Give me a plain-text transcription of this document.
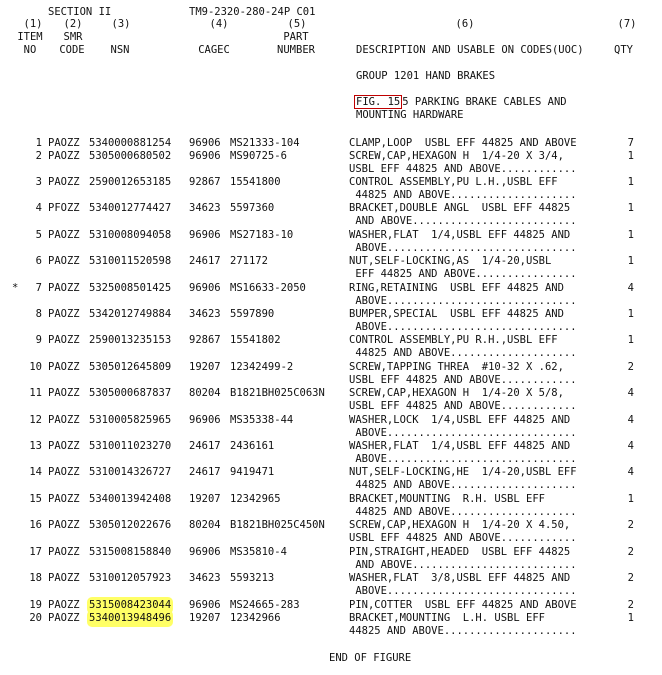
SECTION II	TM9-2320-280-24P C01
(1)	(2)	(3)	(4)	(5)	(6)	(7)
ITEM	SMR	PART
NO	CODE	NSN	CAGEC	NUMBER	DESCRIPTION AND USABLE ON CODES(UOC)	QTY
GROUP 1201 HAND BRAKES
FIG. 15 5 PARKING BRAKE CABLES AND
MOUNTING HARDWARE
1 PAOZZ 5340000881254 96906 MS21333-104	7
CLAMP,LOOP  USBL EFF 44825 AND ABOVE
2 PAOZZ 5305000680502 96906 MS90725-6	1
SCREW,CAP,HEXAGON H  1/4-20 X 3/4,
USBL EFF 44825 AND ABOVE............
3 PAOZZ 2590012653185 92867 15541800	1
CONTROL ASSEMBLY,PU L.H.,USBL EFF
44825 AND ABOVE....................
4 PFOZZ 5340012774427 34623 5597360	1
BRACKET,DOUBLE ANGL  USBL EFF 44825
AND ABOVE..........................
5 PAOZZ 5310008094058 96906 MS27183-10	1
WASHER,FLAT  1/4,USBL EFF 44825 AND
ABOVE..............................
6 PAOZZ 5310011520598 24617 271172	1
NUT,SELF-LOCKING,AS  1/4-20,USBL
EFF 44825 AND ABOVE................
*	7 PAOZZ 5325008501425 96906 MS16633-2050	4
RING,RETAINING  USBL EFF 44825 AND
ABOVE..............................
8 PAOZZ 5342012749884 34623 5597890	1
BUMPER,SPECIAL  USBL EFF 44825 AND
ABOVE..............................
9 PAOZZ 2590013235153 92867 15541802	1
CONTROL ASSEMBLY,PU R.H.,USBL EFF
44825 AND ABOVE....................
10 PAOZZ 5305012645809 19207 12342499-2	2
SCREW,TAPPING THREA  #10-32 X .62,
USBL EFF 44825 AND ABOVE............
11 PAOZZ 5305000687837 80204 B1821BH025C063N	4
SCREW,CAP,HEXAGON H  1/4-20 X 5/8,
USBL EFF 44825 AND ABOVE............
12 PAOZZ 5310005825965 96906 MS35338-44	4
WASHER,LOCK  1/4,USBL EFF 44825 AND
ABOVE..............................
13 PAOZZ 5310011023270 24617 2436161	4
WASHER,FLAT  1/4,USBL EFF 44825 AND
ABOVE..............................
14 PAOZZ 5310014326727 24617 9419471	4
NUT,SELF-LOCKING,HE  1/4-20,USBL EFF
44825 AND ABOVE....................
15 PAOZZ 5340013942408 19207 12342965	1
BRACKET,MOUNTING  R.H. USBL EFF
44825 AND ABOVE....................
16 PAOZZ 5305012022676 80204 B1821BH025C450N	2
SCREW,CAP,HEXAGON H  1/4-20 X 4.50,
USBL EFF 44825 AND ABOVE............
17 PAOZZ 5315008158840 96906 MS35810-4	2
PIN,STRAIGHT,HEADED  USBL EFF 44825
AND ABOVE..........................
18 PAOZZ 5310012057923 34623 5593213	2
WASHER,FLAT  3/8,USBL EFF 44825 AND
ABOVE..............................
19 PAOZZ 5315008423044 96906 MS24665-283	2
PIN,COTTER  USBL EFF 44825 AND ABOVE
20 PAOZZ 5340013948496 19207 12342966	1
BRACKET,MOUNTING  L.H. USBL EFF
44825 AND ABOVE.....................
END OF FIGURE
